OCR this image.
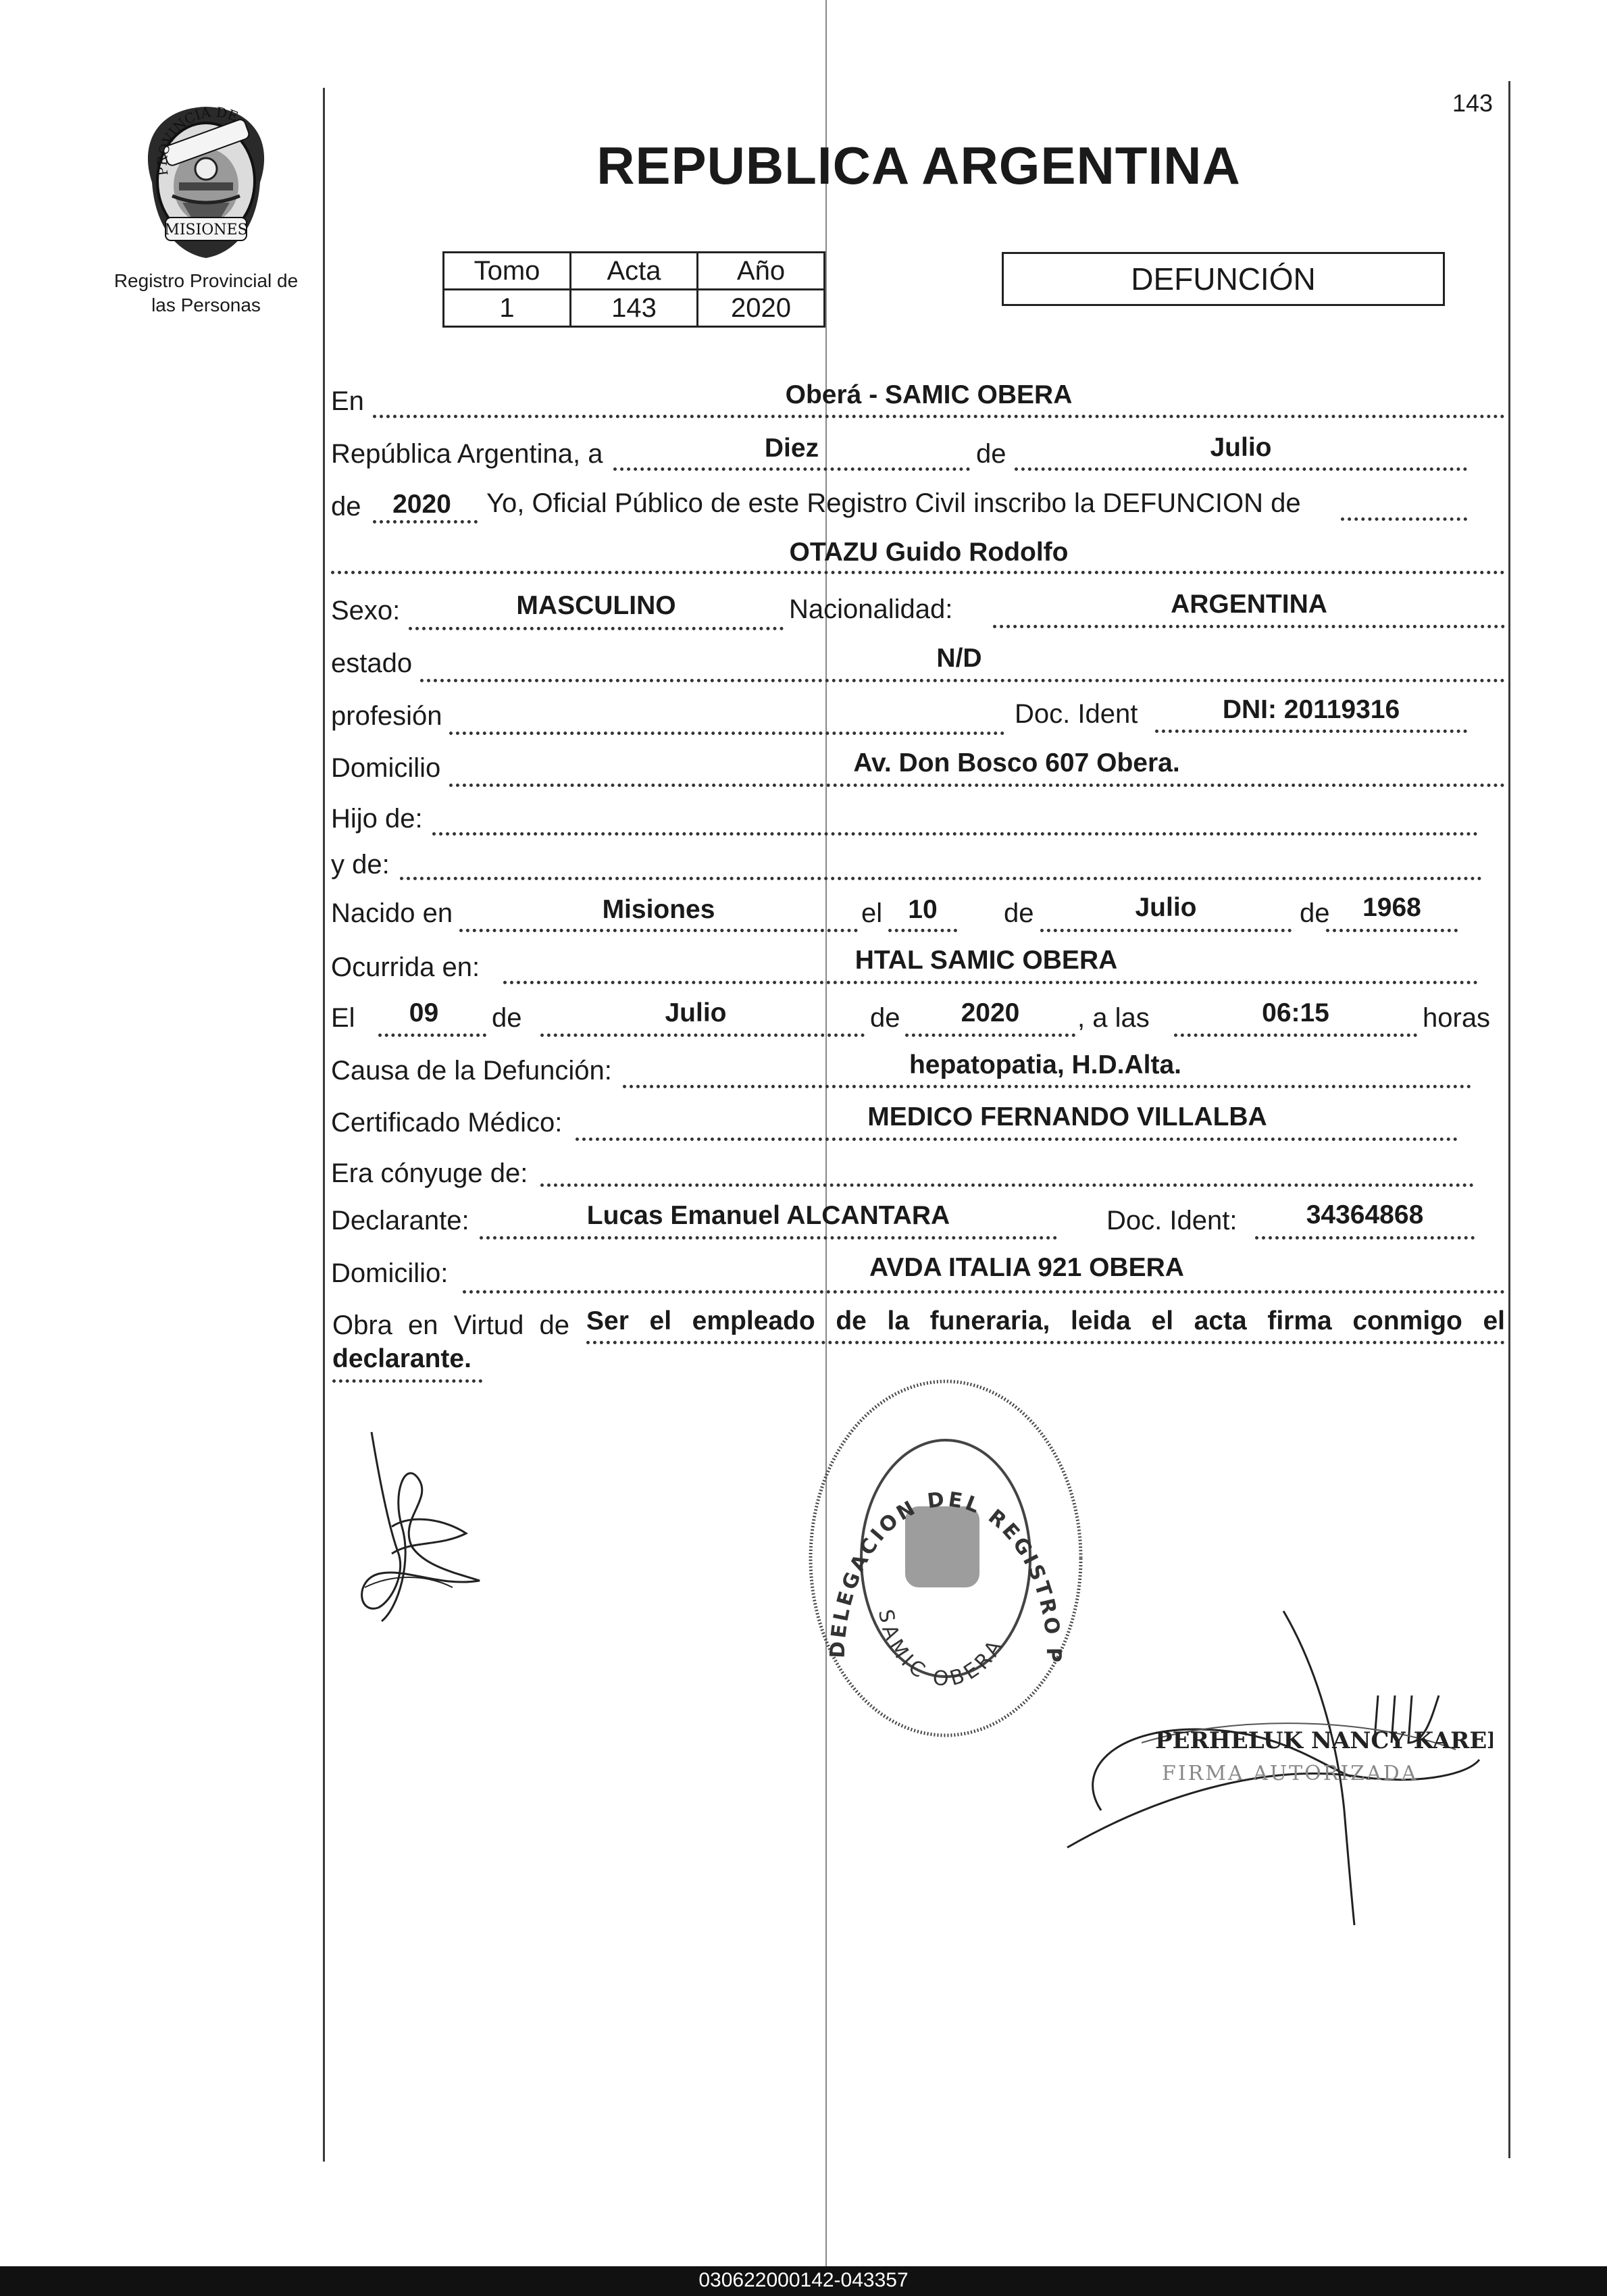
143
PROVINCIA DE
MISIONES
Registro Provincial de
las Personas
REPUBLICA ARGENTINA
Tomo	Acta	Año
1	143	2020
DEFUNCIÓN
En	Oberá - SAMIC OBERA
República Argentina, a	Diez	de	Julio
de	2020	Yo, Oficial Público de este Registro Civil inscribo la DEFUNCION de
OTAZU Guido Rodolfo
Sexo:	MASCULINO	Nacionalidad:	ARGENTINA
estado	N/D
profesión	Doc. Ident	DNI: 20119316
Domicilio	Av. Don Bosco 607 Obera.
Hijo de:
y de:
Nacido en	Misiones	el 10	de	Julio	de	1968
Ocurrida en:	HTAL SAMIC OBERA
El	09	de	Julio	de	2020	, a las	06:15	horas
Causa de la Defunción:	hepatopatia, H.D.Alta.
Certificado Médico:	MEDICO FERNANDO VILLALBA
Era cónyuge de:
Declarante:	Lucas Emanuel ALCANTARA	Doc. Ident:	34364868
Domicilio:	AVDA ITALIA 921 OBERA
Obra en Virtud de Ser el empleado de la funeraria, leida el acta firma conmigo el
declarante.
DELEGACION DEL REGISTRO P
SAMIC OBERA
PERHELUK NANCY KAREL
FIRMA AUTORIZADA
030622000142-043357
